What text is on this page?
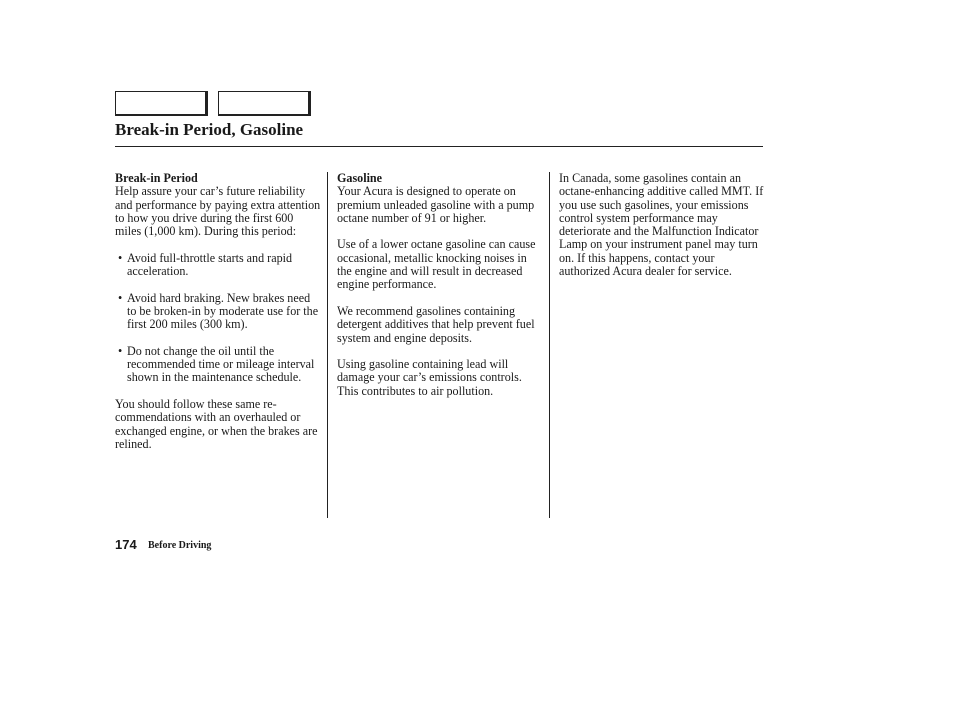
Break-in Period, Gasoline
Break-in Period

Help assure your car’s future reliability and performance by paying extra attention to how you drive during the first 600 miles (1,000 km). During this period:

• Avoid full-throttle starts and rapid acceleration.
• Avoid hard braking. New brakes need to be broken-in by moderate use for the first 200 miles (300 km).
• Do not change the oil until the recommended time or mileage interval shown in the maintenance schedule.

You should follow these same re-commendations with an overhauled or exchanged engine, or when the brakes are relined.

Gasoline

Your Acura is designed to operate on premium unleaded gasoline with a pump octane number of 91 or higher.

Use of a lower octane gasoline can cause occasional, metallic knocking noises in the engine and will result in decreased engine performance.

We recommend gasolines containing detergent additives that help prevent fuel system and engine deposits.

Using gasoline containing lead will damage your car’s emissions controls. This contributes to air pollution.

In Canada, some gasolines contain an octane-enhancing additive called MMT. If you use such gasolines, your emissions control system performance may deteriorate and the Malfunction Indicator Lamp on your instrument panel may turn on. If this happens, contact your authorized Acura dealer for service.

174 Before Driving
